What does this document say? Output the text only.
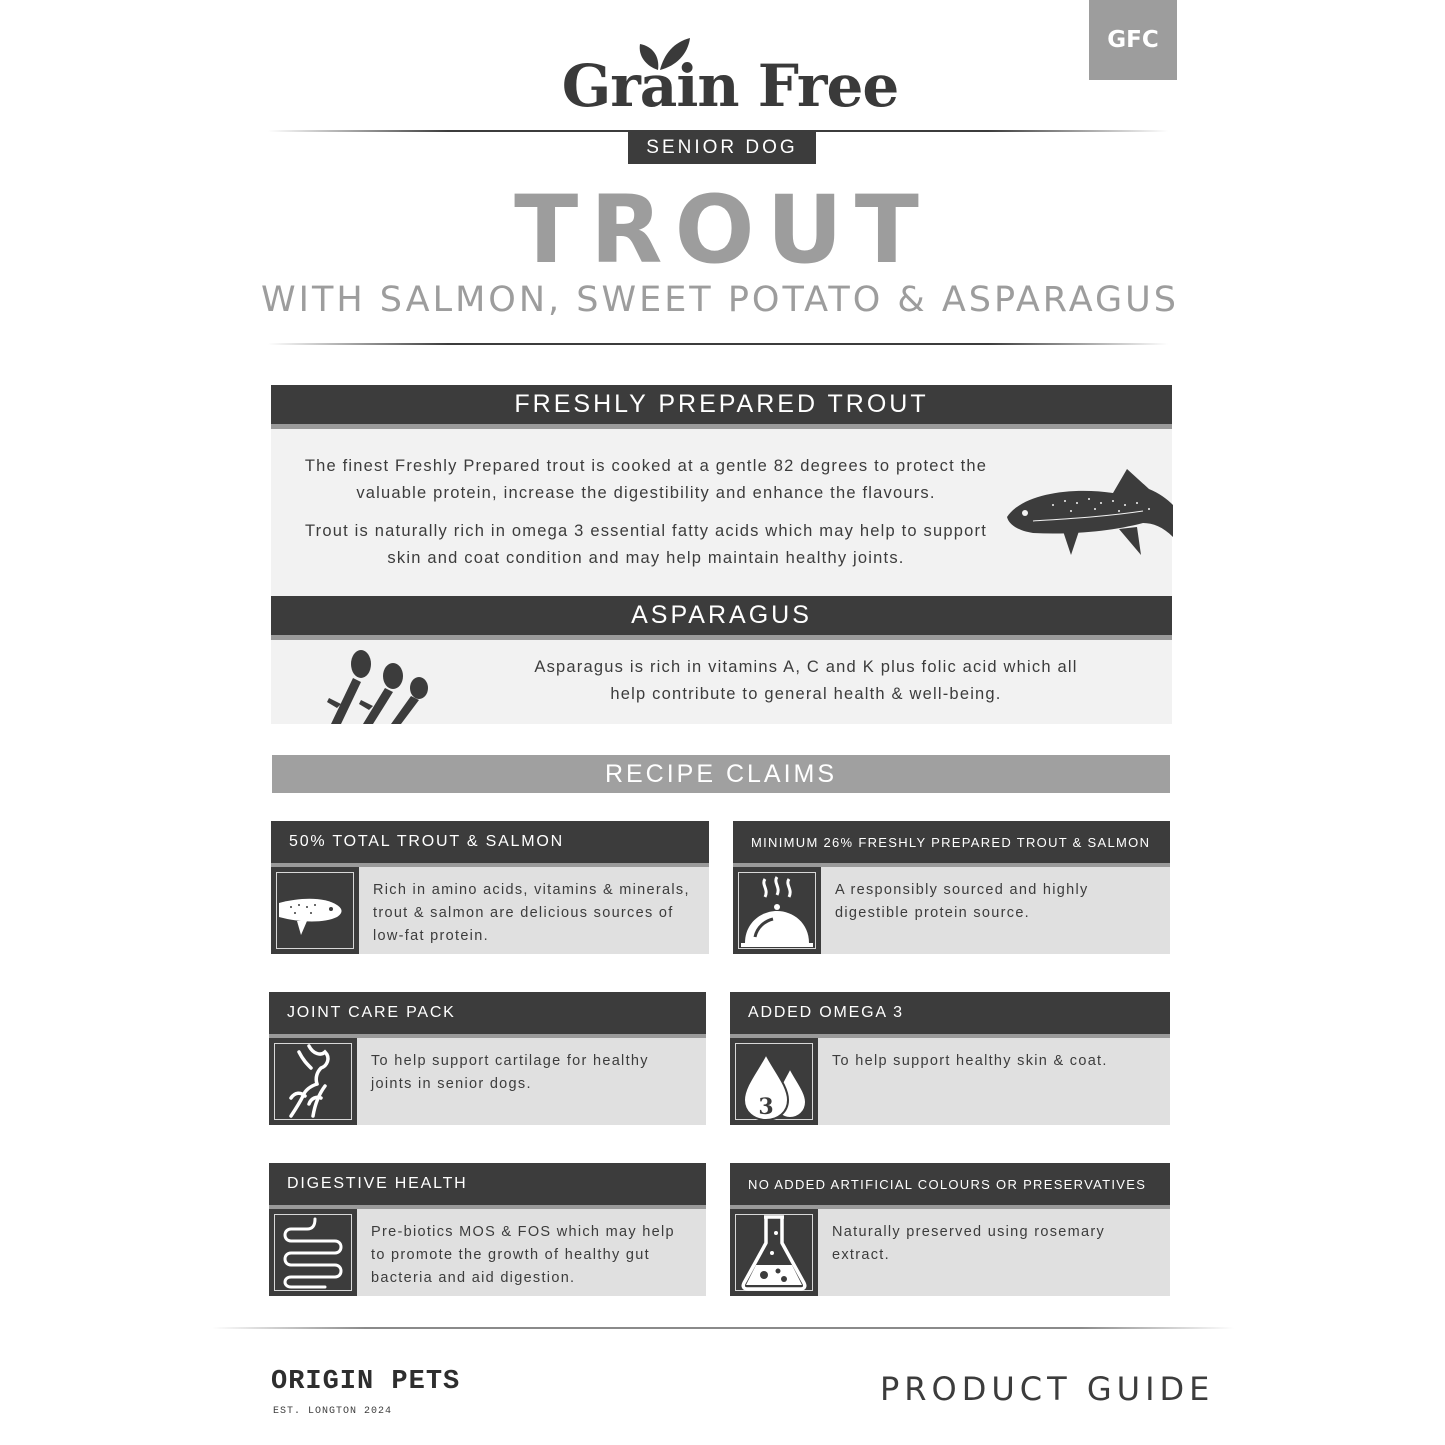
GFC
Grain Free
SENIOR DOG
TROUT
WITH SALMON, SWEET POTATO & ASPARAGUS
FRESHLY PREPARED TROUT
The finest Freshly Prepared trout is cooked at a gentle 82 degrees to protect the valuable protein, increase the digestibility and enhance the flavours.
Trout is naturally rich in omega 3 essential fatty acids which may help to support skin and coat condition and may help maintain healthy joints.
ASPARAGUS
Asparagus is rich in vitamins A, C and K plus folic acid which all help contribute to general health & well-being.
RECIPE CLAIMS
50% TOTAL TROUT & SALMON
Rich in amino acids, vitamins & minerals, trout & salmon are delicious sources of low-fat protein.
MINIMUM 26% FRESHLY PREPARED TROUT & SALMON
A responsibly sourced and highly digestible protein source.
JOINT CARE PACK
To help support cartilage for healthy joints in senior dogs.
ADDED OMEGA 3
3
To help support healthy skin & coat.
DIGESTIVE HEALTH
Pre-biotics MOS & FOS which may help to promote the growth of healthy gut bacteria and aid digestion.
NO ADDED ARTIFICIAL COLOURS OR PRESERVATIVES
Naturally preserved using rosemary extract.
ORIGIN PETS
EST. LONGTON 2024
PRODUCT GUIDE
